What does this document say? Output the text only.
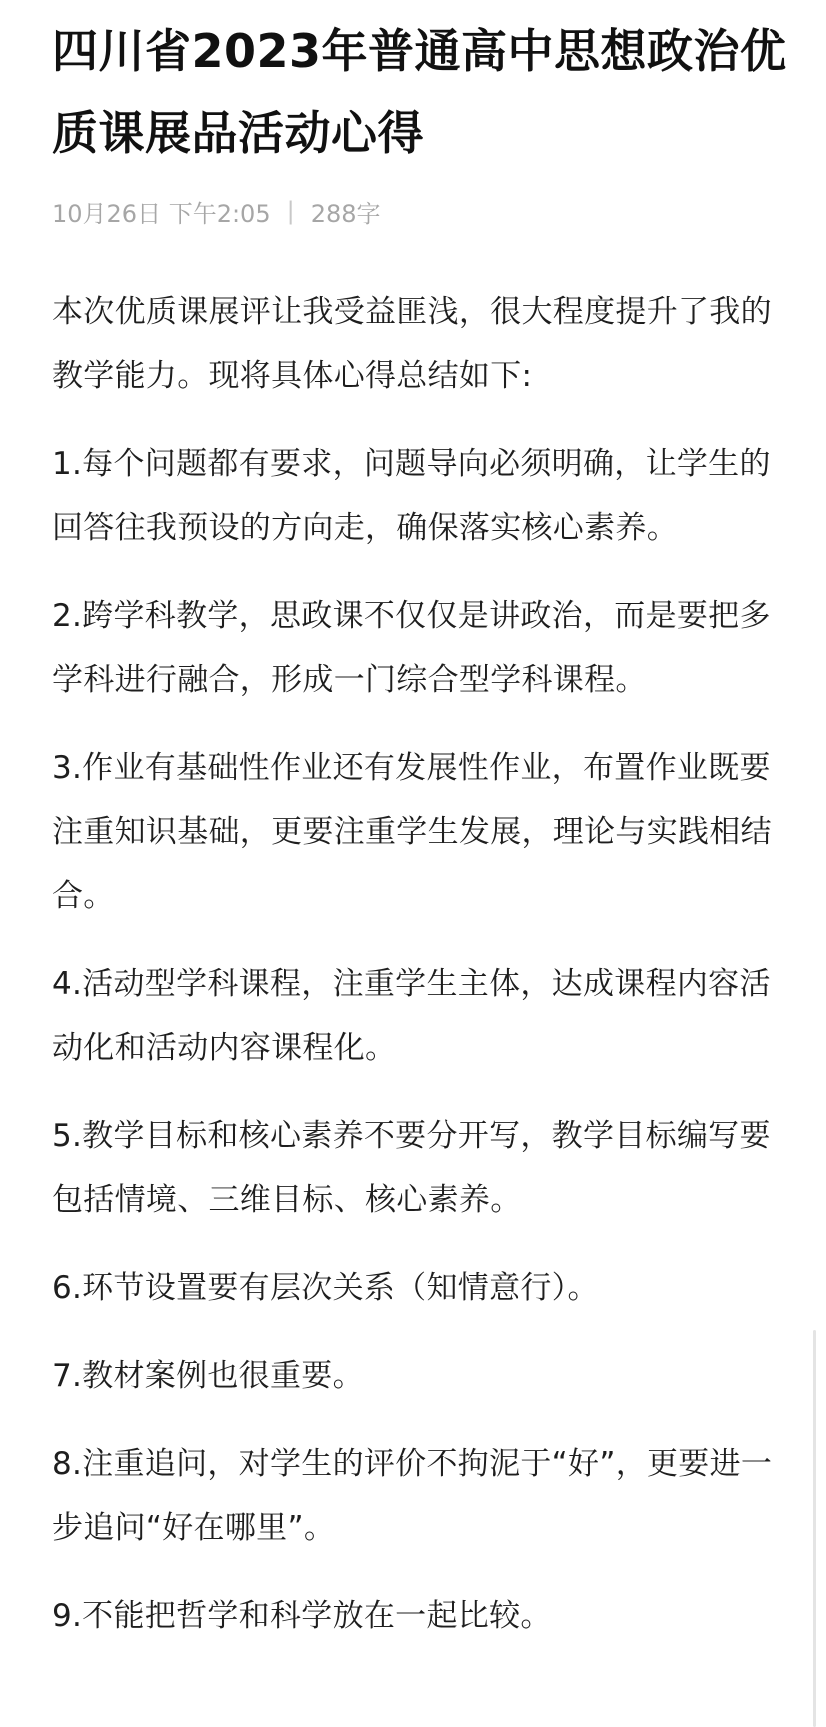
四川省2023年普通高中思想政治优质课展品活动心得
10月26日 下午2:05 | 288字

本次优质课展评让我受益匪浅，很大程度提升了我的教学能力。现将具体心得总结如下:

1.每个问题都有要求，问题导向必须明确，让学生的回答往我预设的方向走，确保落实核心素养。

2.跨学科教学，思政课不仅仅是讲政治，而是要把多学科进行融合，形成一门综合型学科课程。

3.作业有基础性作业还有发展性作业，布置作业既要注重知识基础，更要注重学生发展，理论与实践相结合。

4.活动型学科课程，注重学生主体，达成课程内容活动化和活动内容课程化。

5.教学目标和核心素养不要分开写，教学目标编写要包括情境、三维目标、核心素养。

6.环节设置要有层次关系（知情意行）。

7.教材案例也很重要。

8.注重追问，对学生的评价不拘泥于“好”，更要进一步追问“好在哪里”。

9.不能把哲学和科学放在一起比较。
